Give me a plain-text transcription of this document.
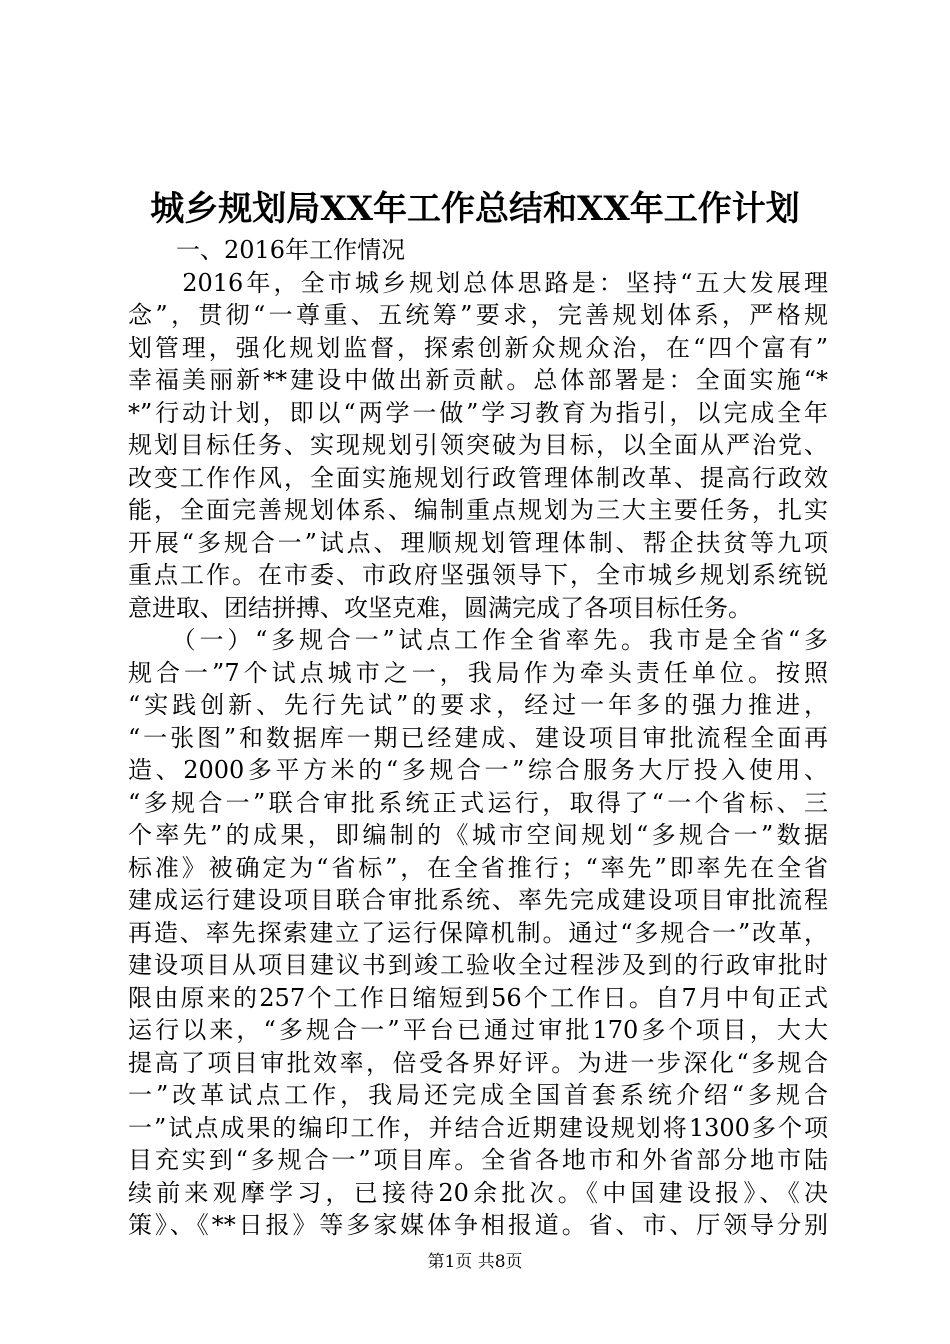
城乡规划局XX年工作总结和XX年工作计划
　　一、2016年工作情况
　　2016年，全市城乡规划总体思路是：坚持“五大发展理
念”，贯彻“一尊重、五统筹”要求，完善规划体系，严格规
划管理，强化规划监督，探索创新众规众治，在“四个富有”
幸福美丽新**建设中做出新贡献。总体部署是：全面实施“*
*”行动计划，即以“两学一做”学习教育为指引，以完成全年
规划目标任务、实现规划引领突破为目标，以全面从严治党、
改变工作作风，全面实施规划行政管理体制改革、提高行政效
能，全面完善规划体系、编制重点规划为三大主要任务，扎实
开展“多规合一”试点、理顺规划管理体制、帮企扶贫等九项
重点工作。在市委、市政府坚强领导下，全市城乡规划系统锐
意进取、团结拼搏、攻坚克难，圆满完成了各项目标任务。
　　（一）“多规合一”试点工作全省率先。我市是全省“多
规合一”7个试点城市之一，我局作为牵头责任单位。按照
“实践创新、先行先试”的要求，经过一年多的强力推进，
“一张图”和数据库一期已经建成、建设项目审批流程全面再
造、2000多平方米的“多规合一”综合服务大厅投入使用、
“多规合一”联合审批系统正式运行，取得了“一个省标、三
个率先”的成果，即编制的《城市空间规划“多规合一”数据
标准》被确定为“省标”，在全省推行；“率先”即率先在全省
建成运行建设项目联合审批系统、率先完成建设项目审批流程
再造、率先探索建立了运行保障机制。通过“多规合一”改革，
建设项目从项目建议书到竣工验收全过程涉及到的行政审批时
限由原来的257个工作日缩短到56个工作日。自7月中旬正式
运行以来，“多规合一”平台已通过审批170多个项目，大大
提高了项目审批效率，倍受各界好评。为进一步深化“多规合
一”改革试点工作，我局还完成全国首套系统介绍“多规合
一”试点成果的编印工作，并结合近期建设规划将1300多个项
目充实到“多规合一”项目库。全省各地市和外省部分地市陆
续前来观摩学习，已接待20余批次。《中国建设报》、《决
策》、《**日报》等多家媒体争相报道。省、市、厅领导分别
第1页 共8页
